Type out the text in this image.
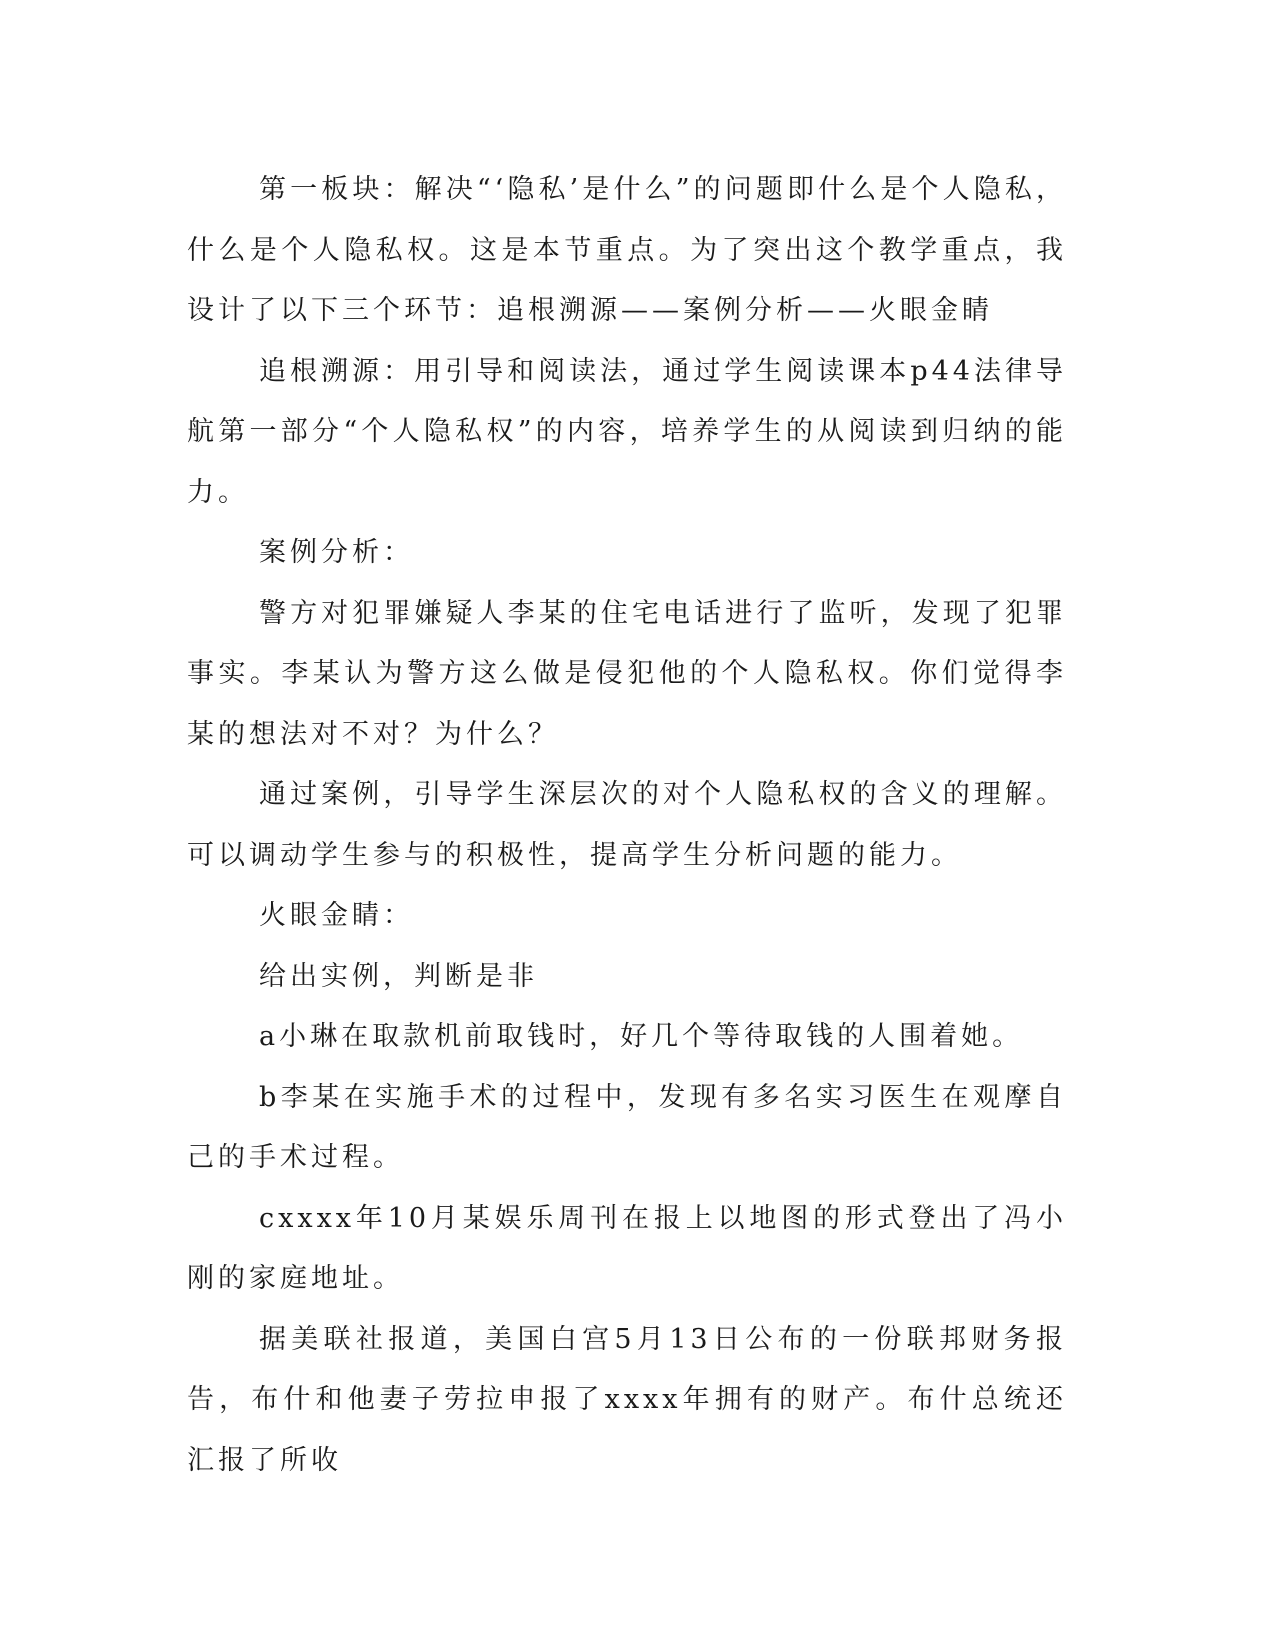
第一板块：解决“‘隐私’是什么”的问题即什么是个人隐私，什么是个人隐私权。这是本节重点。为了突出这个教学重点，我设计了以下三个环节：追根溯源——案例分析——火眼金睛

追根溯源：用引导和阅读法，通过学生阅读课本p44法律导航第一部分“个人隐私权”的内容，培养学生的从阅读到归纳的能力。

案例分析：

警方对犯罪嫌疑人李某的住宅电话进行了监听，发现了犯罪事实。李某认为警方这么做是侵犯他的个人隐私权。你们觉得李某的想法对不对？为什么？

通过案例，引导学生深层次的对个人隐私权的含义的理解。可以调动学生参与的积极性，提高学生分析问题的能力。

火眼金睛：

给出实例，判断是非

a小琳在取款机前取钱时，好几个等待取钱的人围着她。

b李某在实施手术的过程中，发现有多名实习医生在观摩自己的手术过程。

cxxxx年10月某娱乐周刊在报上以地图的形式登出了冯小刚的家庭地址。

据美联社报道，美国白宫5月13日公布的一份联邦财务报告，布什和他妻子劳拉申报了xxxx年拥有的财产。布什总统还汇报了所收
